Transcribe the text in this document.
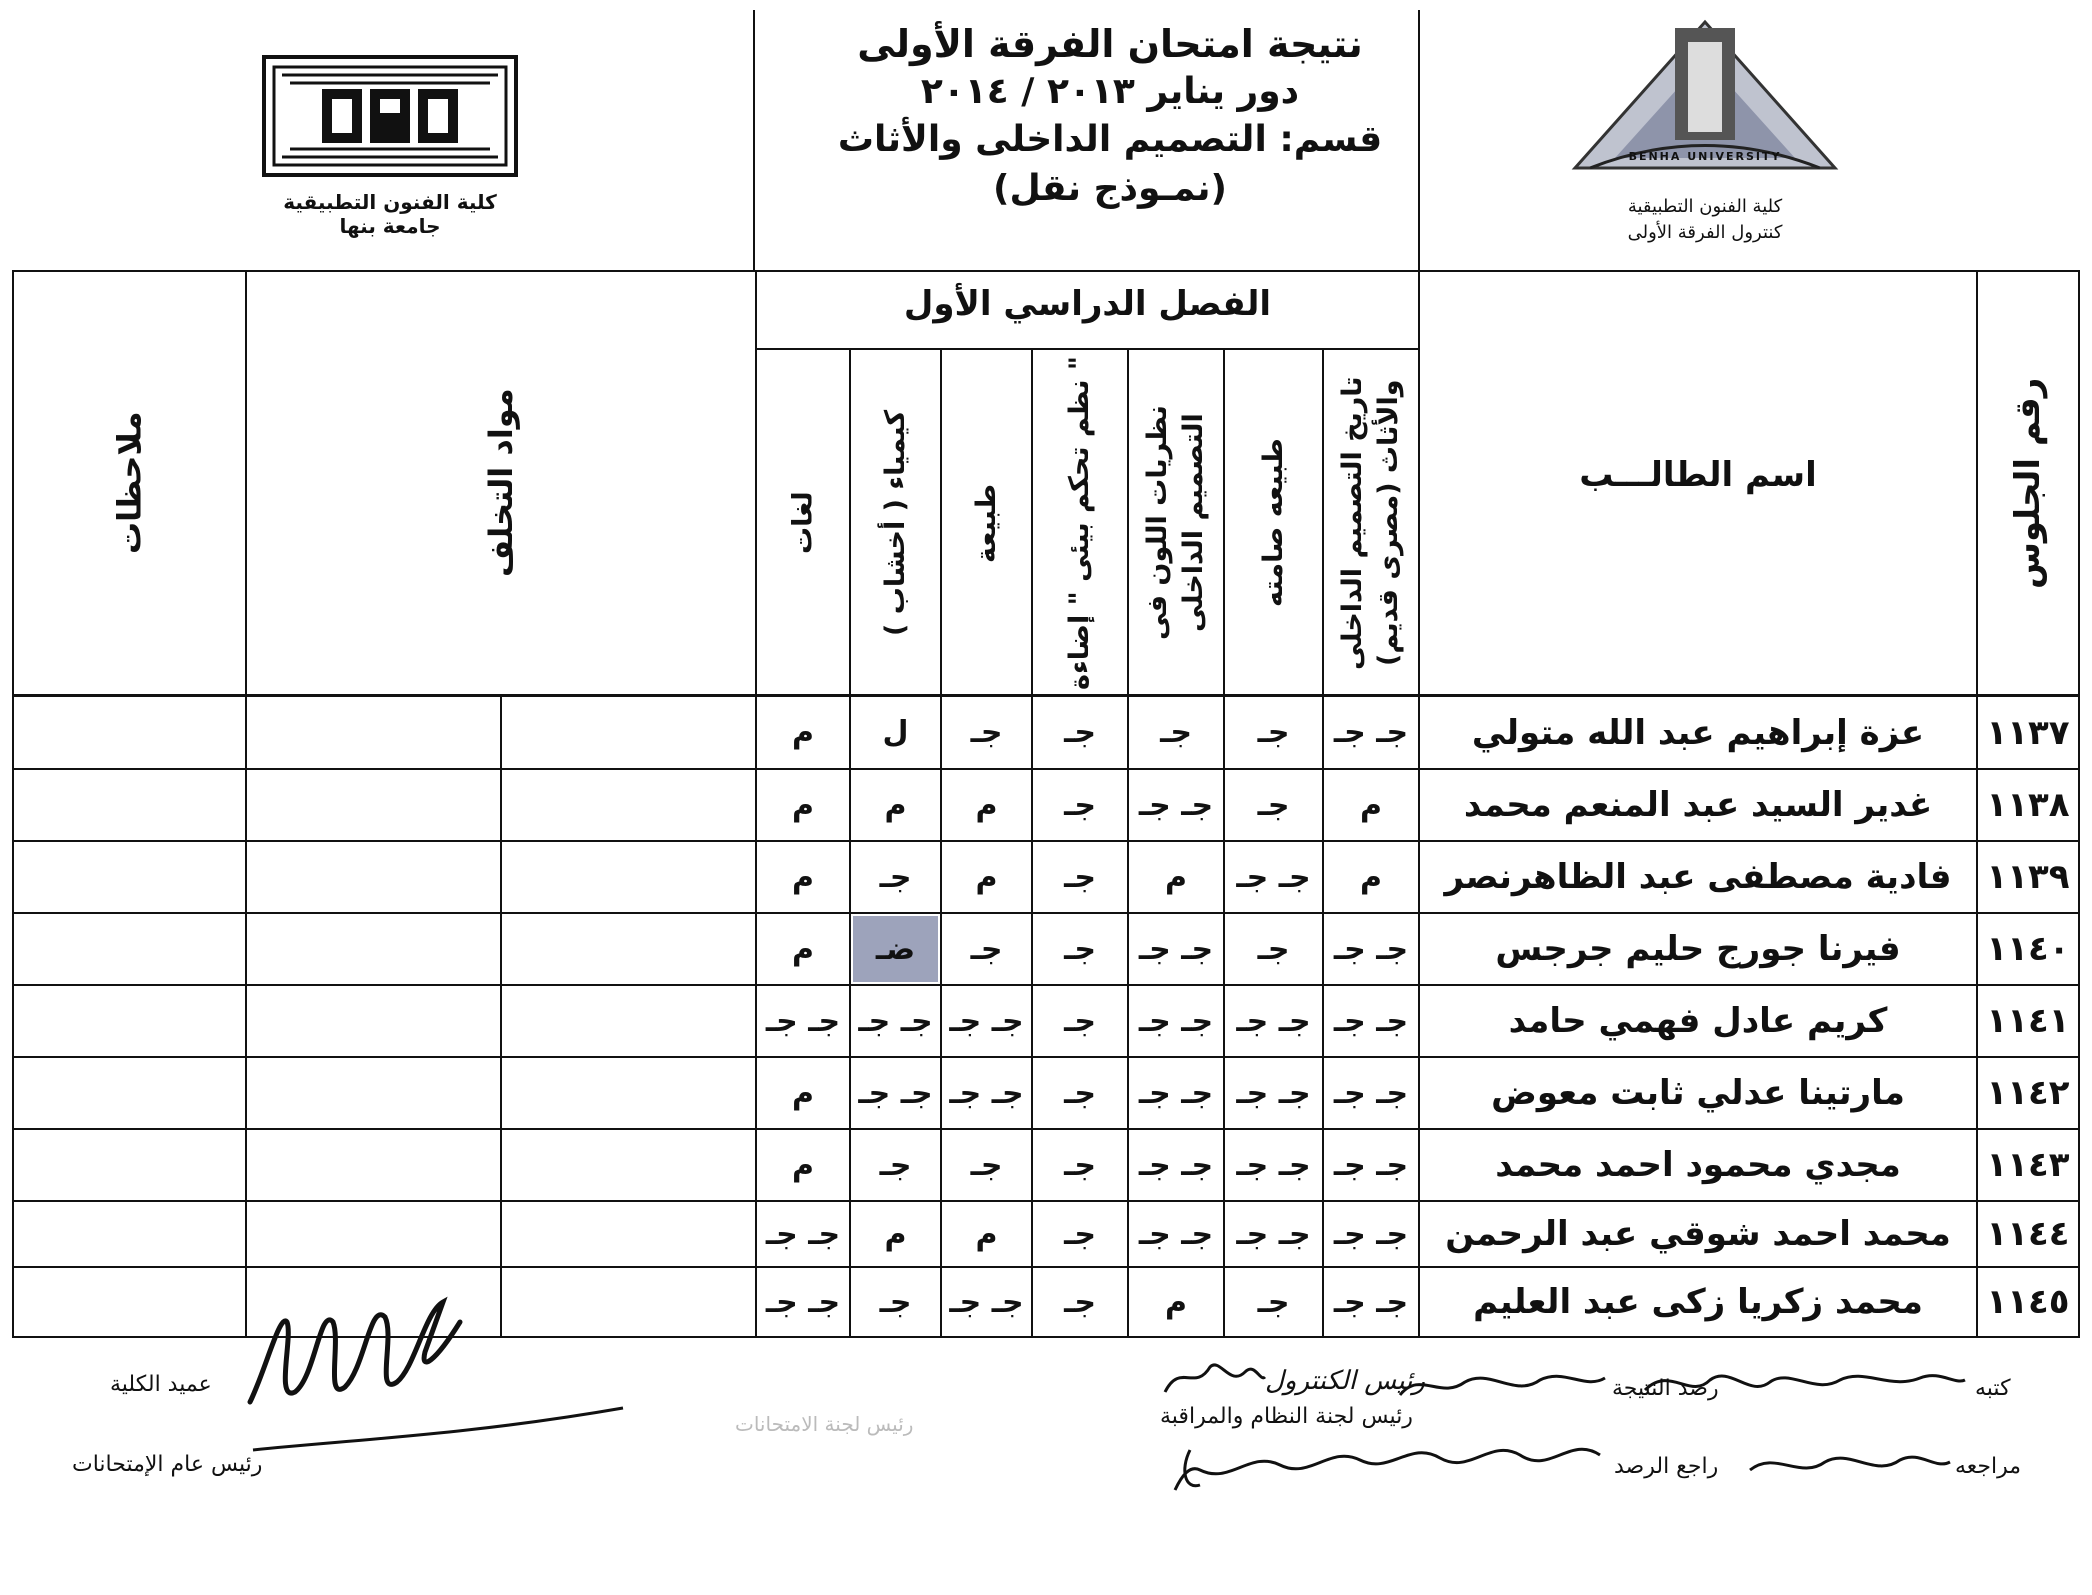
نتيجة امتحان الفرقة الأولى
دور يناير ٢٠١٣ / ٢٠١٤
قسم: التصميم الداخلى والأثاث
(نمـوذج نقل)
كلية الفنون التطبيقية
جامعة بنها
BENHA UNIVERSITY
كلية الفنون التطبيقية
كنترول الفرقة الأولى
رقم الجلوس
اسم الطالـــب
الفصل الدراسي الأول
تاريخ التصميم الداخلى والأثاث (مصرى قديم)
طبيعه صامته
نظريات اللون فى التصميم الداخلى
نظم تحكم بيئى " إضاءة "
طبيعة
كيمياء ( أخشاب )
لغات
مواد التخلف
ملاحظات
١١٣٧
عزة إبراهيم عبد الله متولي
جـ جـ
جـ
جـ
جـ
جـ
ل
م
١١٣٨
غدير السيد عبد المنعم محمد
م
جـ
جـ جـ
جـ
م
م
م
١١٣٩
فادية مصطفى عبد الظاهرنصر
م
جـ جـ
م
جـ
م
جـ
م
١١٤٠
فيرنا جورج حليم جرجس
جـ جـ
جـ
جـ جـ
جـ
جـ
ضـ
م
١١٤١
كريم عادل فهمي حامد
جـ جـ
جـ جـ
جـ جـ
جـ
جـ جـ
جـ جـ
جـ جـ
١١٤٢
مارتينا عدلي ثابت معوض
جـ جـ
جـ جـ
جـ جـ
جـ
جـ جـ
جـ جـ
م
١١٤٣
مجدي محمود احمد محمد
جـ جـ
جـ جـ
جـ جـ
جـ
جـ
جـ
م
١١٤٤
محمد احمد شوقي عبد الرحمن
جـ جـ
جـ جـ
جـ جـ
جـ
م
م
جـ جـ
١١٤٥
محمد زكريا زكى عبد العليم
جـ جـ
جـ
م
جـ
جـ جـ
جـ
جـ جـ
كتبه
رصد النتيجة
رئيس الكنترول
رئيس لجنة النظام والمراقبة
مراجعه
راجع الرصد
عميد الكلية
رئيس عام الإمتحانات
رئيس لجنة الامتحانات
